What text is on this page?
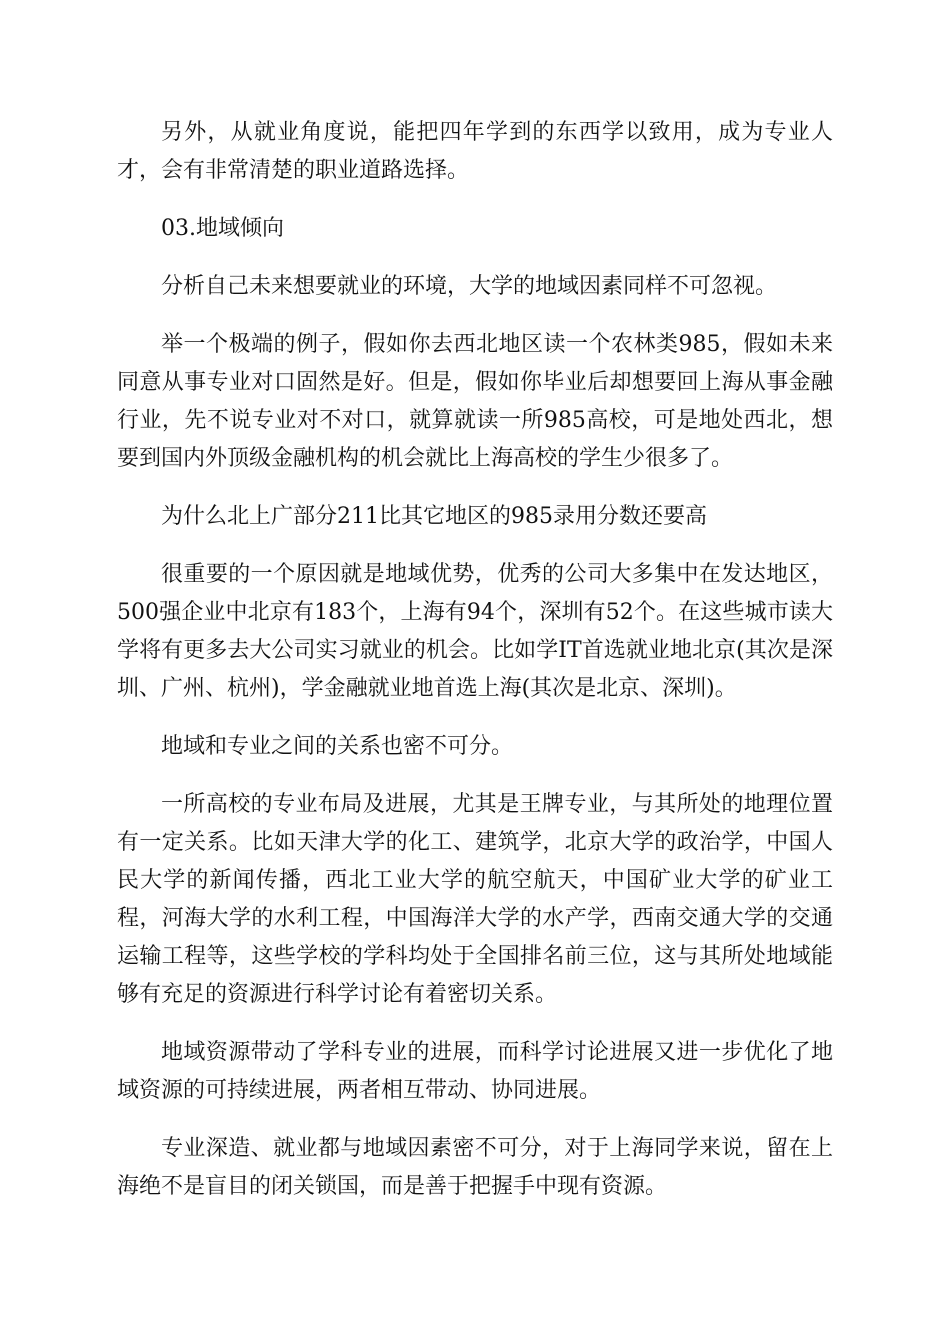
另外，从就业角度说，能把四年学到的东西学以致用，成为专业人才，会有非常清楚的职业道路选择。

03.地域倾向

分析自己未来想要就业的环境，大学的地域因素同样不可忽视。

举一个极端的例子，假如你去西北地区读一个农林类985，假如未来同意从事专业对口固然是好。但是，假如你毕业后却想要回上海从事金融行业，先不说专业对不对口，就算就读一所985高校，可是地处西北，想要到国内外顶级金融机构的机会就比上海高校的学生少很多了。

为什么北上广部分211比其它地区的985录用分数还要高

很重要的一个原因就是地域优势，优秀的公司大多集中在发达地区，500强企业中北京有183个，上海有94个，深圳有52个。在这些城市读大学将有更多去大公司实习就业的机会。比如学IT首选就业地北京(其次是深圳、广州、杭州)，学金融就业地首选上海(其次是北京、深圳)。

地域和专业之间的关系也密不可分。

一所高校的专业布局及进展，尤其是王牌专业，与其所处的地理位置有一定关系。比如天津大学的化工、建筑学，北京大学的政治学，中国人民大学的新闻传播，西北工业大学的航空航天，中国矿业大学的矿业工程，河海大学的水利工程，中国海洋大学的水产学，西南交通大学的交通运输工程等，这些学校的学科均处于全国排名前三位，这与其所处地域能够有充足的资源进行科学讨论有着密切关系。

地域资源带动了学科专业的进展，而科学讨论进展又进一步优化了地域资源的可持续进展，两者相互带动、协同进展。

专业深造、就业都与地域因素密不可分，对于上海同学来说，留在上海绝不是盲目的闭关锁国，而是善于把握手中现有资源。
